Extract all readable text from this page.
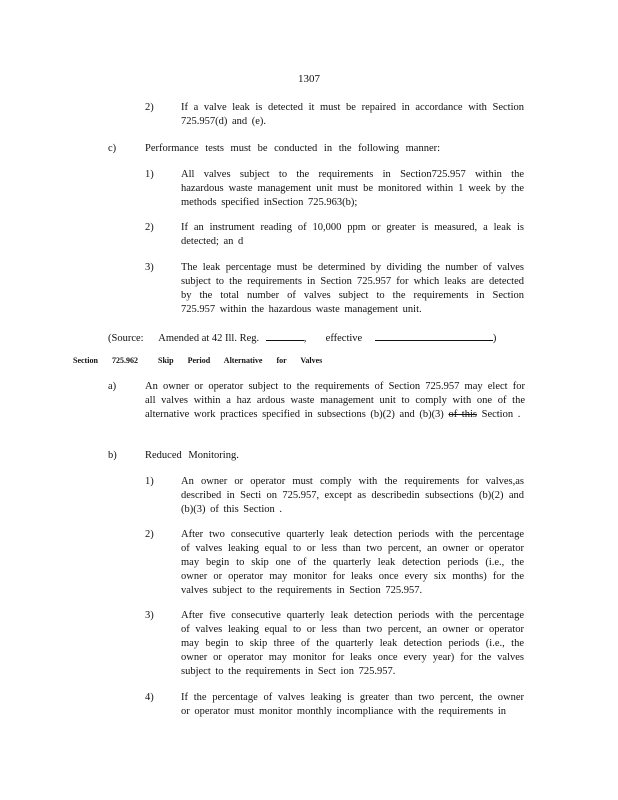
1307
2)	If a valve leak is detected it must be repaired in accordance with Section 725.957(d) and (e).
c)	Performance tests must be conducted in the following manner:
1)	All valves subject to the requirements in Section725.957 within the hazardous waste management unit must be monitored within 1 week by the methods specified inSection 725.963(b);
2)	If an instrument reading of 10,000 ppm or greater is measured, a leak is detected; an d
3)	The leak percentage must be determined by dividing the number of valves subject to the requirements in Section 725.957 for which leaks are detected by the total number of valves subject to the requirements in Section 725.957 within the hazardous waste management unit.
(Source: Amended at 42 Ill. Reg.	, effective	)
Section 725.962	Skip Period Alternative for Valves
a)	An owner or operator subject to the requirements of Section 725.957 may elect for all valves within a haz ardous waste management unit to comply with one of the alternative work practices specified in subsections (b)(2) and (b)(3) of this Section .
b)	Reduced Monitoring.
1)	An owner or operator must comply with the requirements for valves,as described in Secti on 725.957, except as describedin subsections (b)(2) and (b)(3) of this Section .
2)	After two consecutive quarterly leak detection periods with the percentage of valves leaking equal to or less than two percent, an owner or operator may begin to skip one of the quarterly leak detection periods (i.e., the owner or operator may monitor for leaks once every six months) for the valves subject to the requirements in Section 725.957.
3)	After five consecutive quarterly leak detection periods with the percentage of valves leaking equal to or less than two percent, an owner or operator may begin to skip three of the quarterly leak detection periods (i.e., the owner or operator may monitor for leaks once every year) for the valves subject to the requirements in Sect ion 725.957.
4)	If the percentage of valves leaking is greater than two percent, the owner or operator must monitor monthly incompliance with the requirements in
